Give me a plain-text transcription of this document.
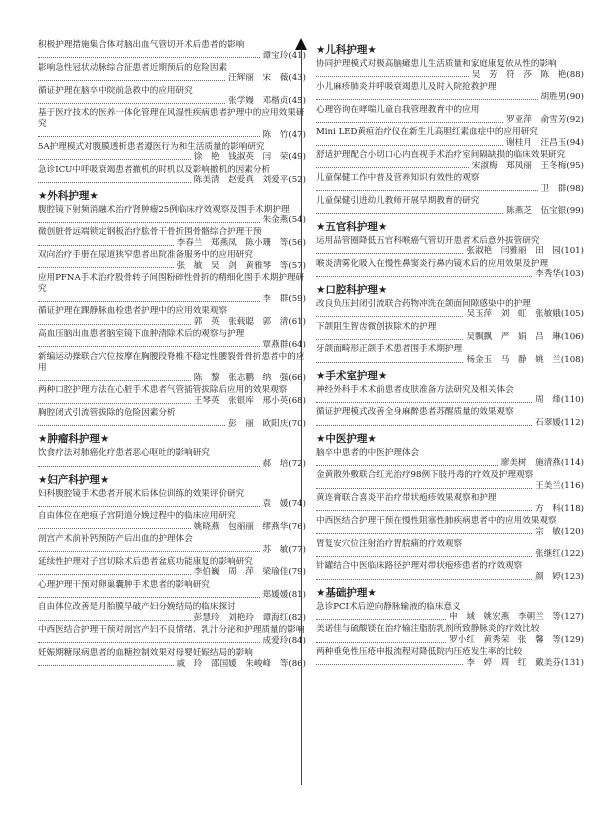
积极护理措施集合体对脑出血气管切开术后患者的影响
谭宝玲 (41)
影响急性冠状动脉综合征患者近期预后的危险因素
汪辉丽　宋　薇 (43)
循证护理在脑卒中院前急救中的应用研究
张学嫚　邓楷贞 (45)
基于医疗技术的医养一体化管理在风湿性疾病患者护理中的应用效果研究
陈　竹 (47)
5A护理模式对腹膜透析患者遵医行为和生活质量的影响研究
徐　艳　钱淑英　闫　荣 (49)
急诊ICU中呼吸衰竭患者撤机的时机以及影响撤机的因素分析
陈美清　赵爱真　刘爱平 (52)
★外科护理★
腹腔镜下射频消融术治疗肾肿瘤25例临床疗效观察及围手术期护理
朱金燕 (54)
微创脏骨远端锁定钢板治疗肱骨干骨折围骨骼综合护理干预
李春兰　郑燕凤　陈小珊　等 (56)
双向治疗手册在尿道狭窄患者出院准备服务中的应用研究
张　敏　吴　剑　黄雅琴　等 (57)
应用PFNA手术治疗股骨转子间围粉碎性骨折的精细化围手术期护理研究
李　群 (59)
循证护理在踝静脉血栓患者护理中的应用效果观察
郭　英　张载聪　郭　清 (61)
高血压脑出血患者脑室镜下血肿清除术后的观察与护理
覃燕群 (64)
新编运动操联合穴位按摩在胸腰段脊椎不稳定性腰裂骨骨折患者中的应用
陈　黎　张志鹏　纳　强 (66)
两种口腔护理方法在心脏手术患者气管插管拔除后应用的效果观察
王琴英　张银库　邢小英 (68)
胸腔闭式引流管拔除的危险因素分析
彭　丽　欧阳庆 (70)
★肿瘤科护理★
饮食疗法对肺癌化疗患者恶心呕吐的影响研究
郝　培 (72)
★妇产科护理★
妇科腹腔镜手术患者开展术后体位训练的效果评价研究
袁　媛 (74)
自由体位在疤痕子宫阴道分娩过程中的临床应用研究
姚晓燕　包丽丽　缪燕华 (76)
剖宫产术前补钙预防产后出血的护理体会
苏　敏 (77)
延续性护理对子宫切除术后患者盆底功能康复的影响研究
李伯巍　周　萍　梁瑜佳 (79)
心理护理干预对卵巢囊肿手术患者的影响研究
郑媛媛 (81)
自由体位改善是月胎膜早破产妇分娩结局的临床探讨
彭慧玲　刘艳玲　谭海红 (82)
中西医结合护理干预对剖宫产妇不良情绪、乳汁分泌和护理质量的影响
成爱玲 (84)
妊娠期糖尿病患者的血糖控制效果对母婴妊娠结局的影响
戚　玲　邵国媛　朱峻峰　等 (86)
★儿科护理★
协同护理模式对极高脑瘫患儿生活质量和家庭康复依从性的影响
吴　芳　符　莎　陈　艳 (88)
小儿麻疹肺炎并呼吸衰竭患儿及时入院抢救护理
胡胜男 (90)
心理咨询在哮喘儿童自我管理教育中的应用
罗亚萍　俞雪芳 (92)
Mini LED黄疸治疗仪在新生儿高胆红素血症中的应用研究
谢桂月　汪昌玉 (94)
舒适护理配合小切口心内直视手术治疗室间隔缺损的临床效果研究
宋淑梅　郑凤丽　王冬梅 (95)
儿童保健工作中普及营养知识有效性的观察
卫　群 (98)
儿童保健引进幼儿教师开展早期教育的研究
陈燕芝　伍宝银 (99)
★五官科护理★
运用品管圈降低五官科喉癌气管切开患者术后意外拔管研究
张淑艳　闫雅丽　田　园 (101)
喉炎清雾化吸入在慢性鼻窦炎行鼻内镜术后的应用效果及护理
李秀华 (103)
★口腔科护理★
改良负压封闭引流联合药物冲洗在颌面间隙感染中的护理
吴玉萍　刘　虹　张敏娥 (105)
下颌阻生智齿微创拔除术的护理
吴飘飘　严　娟　吕　琳 (106)
牙颌面畸形正颌手术患者围手术期护理
杨金玉　马　静　姚　兰 (108)
★手术室护理★
神经外科手术术前患者皮肤准备方法研究及相关体会
周　烽 (110)
循证护理模式改善全身麻醉患者苏醒质量的效果观察
石翠媛 (112)
★中医护理★
脑卒中患者的中医护理体会
廖美树　施清燕 (114)
金黄散外敷联合红光治疗98例下肢丹毒的疗效及护理观察
王美兰 (116)
黄连膏联合喜炎平治疗带状疱疹效果观察和护理
方　科 (118)
中西医结合护理干预在慢性阻塞性肺疾病患者中的应用效果观察
宗　敏 (120)
胃复安穴位注射治疗胃脘痛的疗效观察
张继红 (122)
针罐结合中医临床路径护理对带状疱疹患者的疗效观察
颜　婷 (123)
★基础护理★
急诊PCI术后逆向静脉输液的临床意义
申　域　姚宏燕　李朝兰　等 (127)
美诺佳与硫酸镁在治疗输注脂肪乳剂所致静脉炎的疗效比较
罗小红　黄秀荣　张　馨　等 (129)
两种垂免性压疮申报流程对降低院内压疮发生率的比较
李　婷　周　红　戴美芬 (131)
